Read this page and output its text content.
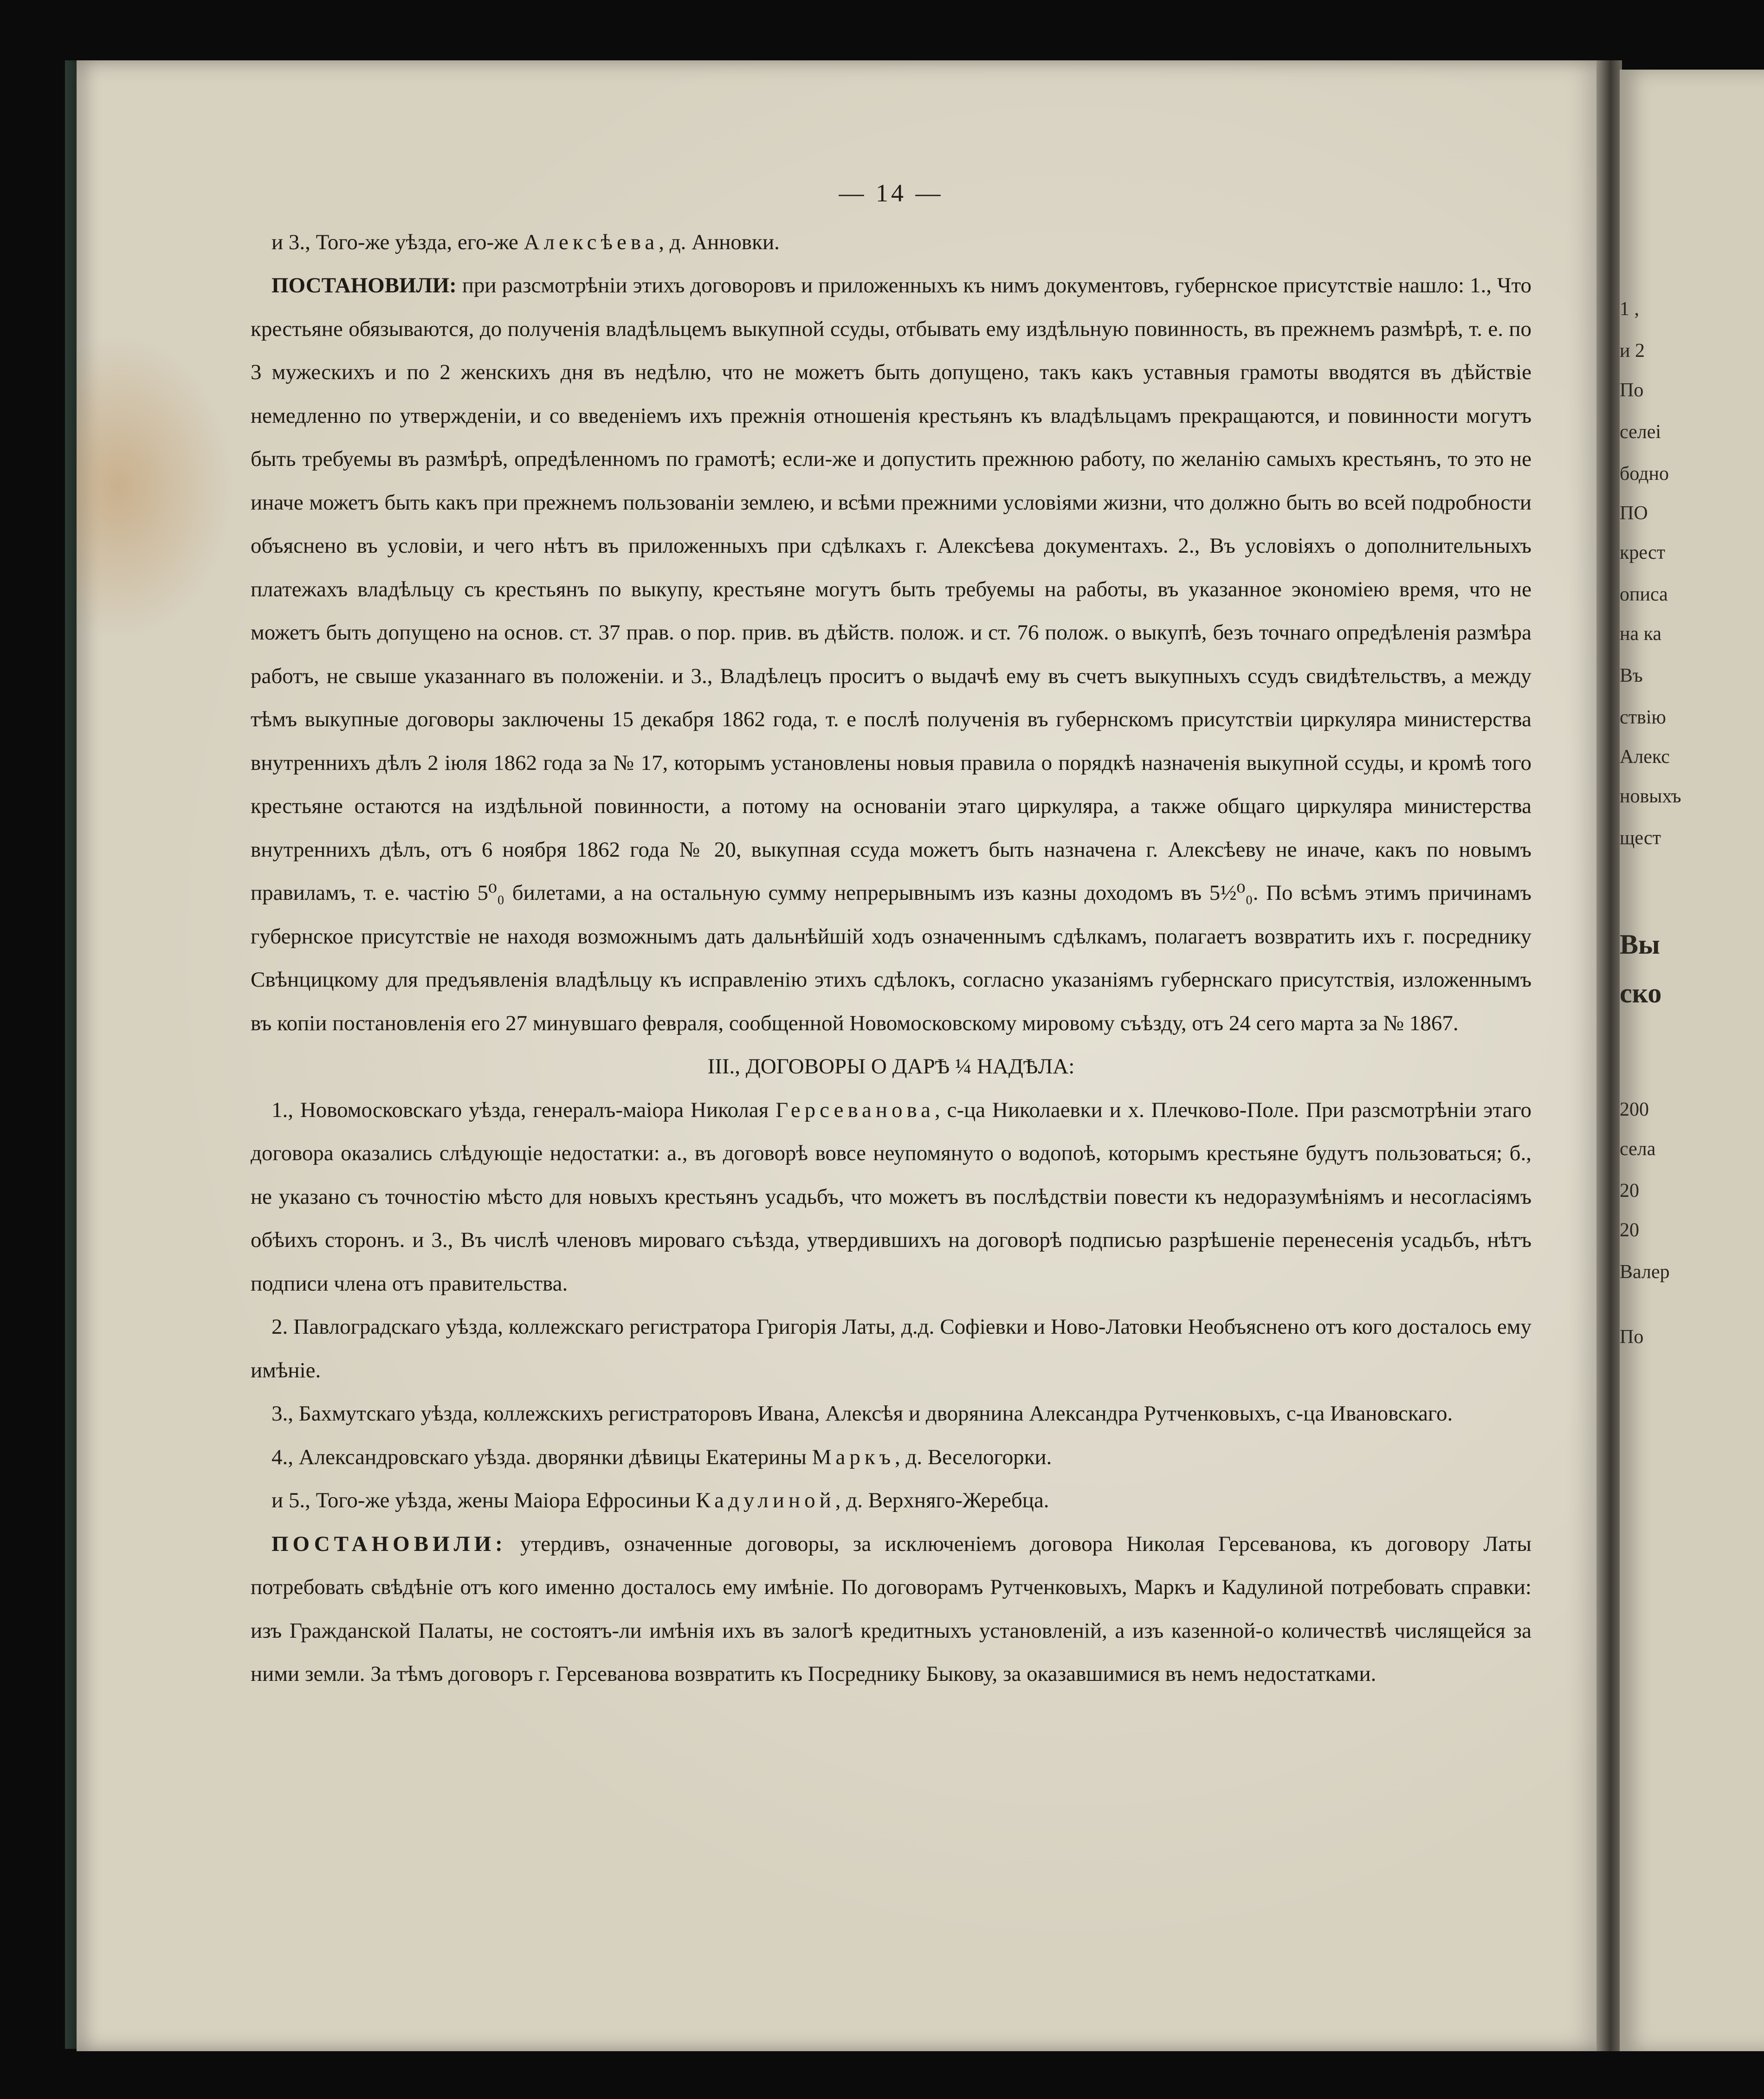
— 14 —

и 3., Того-же уѣзда, его-же Алексѣева, д. Анновки.

ПОСТАНОВИЛИ: при разсмотрѣніи этихъ договоровъ и приложенныхъ къ нимъ документовъ, губернское присутствіе нашло: 1., Что крестьяне обязываются, до полученія владѣльцемъ выкупной ссуды, отбывать ему издѣльную повинность, въ прежнемъ размѣрѣ, т. е. по 3 мужескихъ и по 2 женскихъ дня въ недѣлю, что не можетъ быть допущено, такъ какъ уставныя грамоты вводятся въ дѣйствіе немедленно по утвержденіи, и со введеніемъ ихъ прежнія отношенія крестьянъ къ владѣльцамъ прекращаются, и повинности могутъ быть требуемы въ размѣрѣ, опредѣленномъ по грамотѣ; если-же и допустить прежнюю работу, по желанію самыхъ крестьянъ, то это не иначе можетъ быть какъ при прежнемъ пользованіи землею, и всѣми прежними условіями жизни, что должно быть во всей подробности объяснено въ условіи, и чего нѣтъ въ приложенныхъ при сдѣлкахъ г. Алексѣева документахъ. 2., Въ условіяхъ о дополнительныхъ платежахъ владѣльцу съ крестьянъ по выкупу, крестьяне могутъ быть требуемы на работы, въ указанное экономіею время, что не можетъ быть допущено на основ. ст. 37 прав. о пор. прив. въ дѣйств. полож. и ст. 76 полож. о выкупѣ, безъ точнаго опредѣленія размѣра работъ, не свыше указаннаго въ положеніи. и 3., Владѣлецъ проситъ о выдачѣ ему въ счетъ выкупныхъ ссудъ свидѣтельствъ, а между тѣмъ выкупные договоры заключены 15 декабря 1862 года, т. е послѣ полученія въ губернскомъ присутствіи циркуляра министерства внутреннихъ дѣлъ 2 іюля 1862 года за № 17, которымъ установлены новыя правила о порядкѣ назначенія выкупной ссуды, и кромѣ того крестьяне остаются на издѣльной повинности, а потому на основаніи этаго циркуляра, а также общаго циркуляра министерства внутреннихъ дѣлъ, отъ 6 ноября 1862 года № 20, выкупная ссуда можетъ быть назначена г. Алексѣеву не иначе, какъ по новымъ правиламъ, т. е. частію 5⁰₀ билетами, а на остальную сумму непрерывнымъ изъ казны доходомъ въ 5½⁰₀. По всѣмъ этимъ причинамъ губернское присутствіе не находя возможнымъ дать дальнѣйшій ходъ означеннымъ сдѣлкамъ, полагаетъ возвратить ихъ г. посреднику Свѣнцицкому для предъявленія владѣльцу къ исправленію этихъ сдѣлокъ, согласно указаніямъ губернскаго присутствія, изложеннымъ въ копіи постановленія его 27 минувшаго февраля, сообщенной Новомосковскому мировому съѣзду, отъ 24 сего марта за № 1867.

III., ДОГОВОРЫ О ДАРѢ ¼ НАДѢЛА:

1., Новомосковскаго уѣзда, генералъ-маіора Николая Герсеванова, с-ца Николаевки и х. Плечково-Поле. При разсмотрѣніи этаго договора оказались слѣдующіе недостатки: а., въ договорѣ вовсе неупомянуто о водопоѣ, которымъ крестьяне будутъ пользоваться; б., не указано съ точностію мѣсто для новыхъ крестьянъ усадьбъ, что можетъ въ послѣдствіи повести къ недоразумѣніямъ и несогласіямъ обѣихъ сторонъ. и 3., Въ числѣ членовъ мироваго съѣзда, утвердившихъ на договорѣ подписью разрѣшеніе перенесенія усадьбъ, нѣтъ подписи члена отъ правительства.

2. Павлоградскаго уѣзда, коллежскаго регистратора Григорія Латы, д.д. Софіевки и Ново-Латовки Необъяснено отъ кого досталось ему имѣніе.

3., Бахмутскаго уѣзда, коллежскихъ регистраторовъ Ивана, Алексѣя и дворянина Александра Рутченковыхъ, с-ца Ивановскаго.

4., Александровскаго уѣзда. дворянки дѣвицы Екатерины Маркъ, д. Веселогорки.

и 5., Того-же уѣзда, жены Маіора Ефросиньи Кадулиной, д. Верхняго-Жеребца.

ПОСТАНОВИЛИ: утердивъ, означенные договоры, за исключеніемъ договора Николая Герсеванова, къ договору Латы потребовать свѣдѣніе отъ кого именно досталось ему имѣніе. По договорамъ Рутченковыхъ, Маркъ и Кадулиной потребовать справки: изъ Гражданской Палаты, не состоятъ-ли имѣнія ихъ въ залогѣ кредитныхъ установленій, а изъ казенной-о количествѣ числящейся за ними земли. За тѣмъ договоръ г. Герсеванова возвратить къ Посреднику Быкову, за оказавшимися въ немъ недостатками.

1 ,
и 2
По
селеі
бодно
ПО
крест
описа
на ка
Въ
ствію
Алекс
новыхъ
щест
Вы
ско
200
села
20
20
Валер
По
